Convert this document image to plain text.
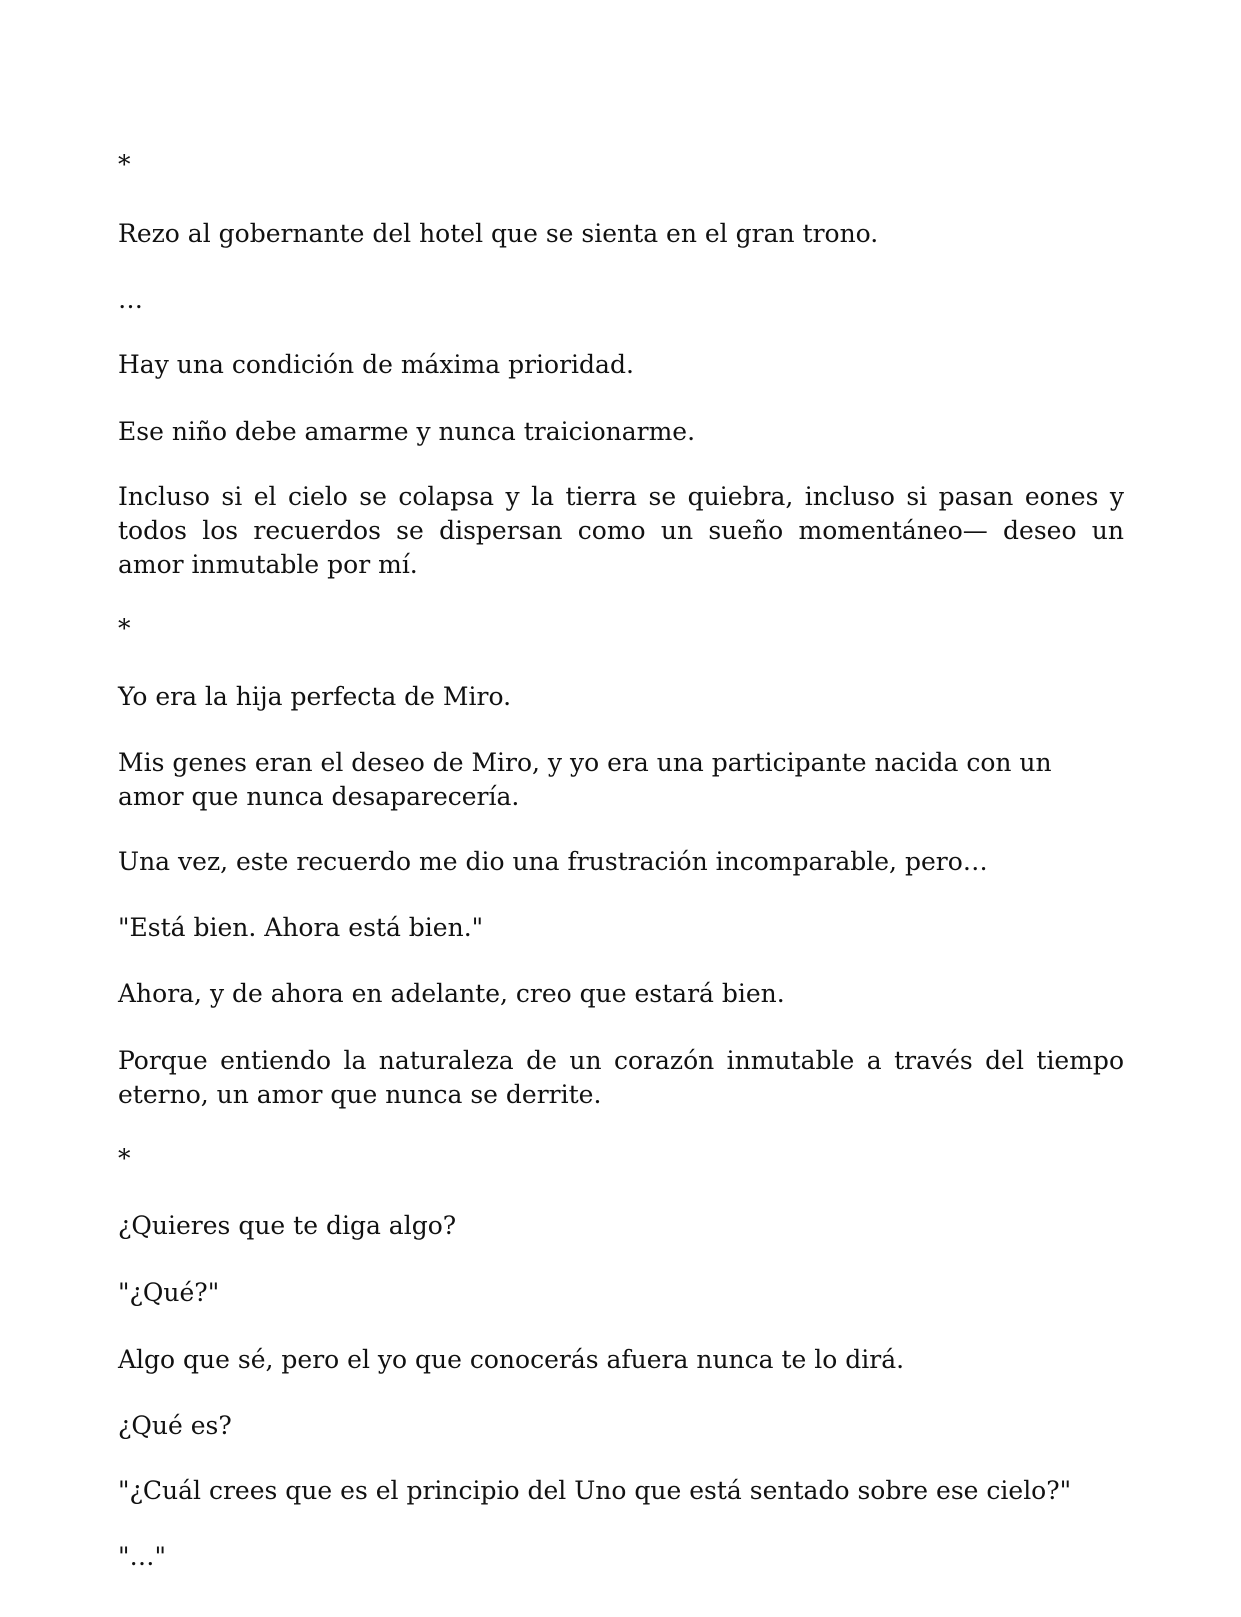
*

Rezo al gobernante del hotel que se sienta en el gran trono.

…

Hay una condición de máxima prioridad.

Ese niño debe amarme y nunca traicionarme.

Incluso si el cielo se colapsa y la tierra se quiebra, incluso si pasan eones y todos los recuerdos se dispersan como un sueño momentáneo— deseo un amor inmutable por mí.

*

Yo era la hija perfecta de Miro.

Mis genes eran el deseo de Miro, y yo era una participante nacida con un amor que nunca desaparecería.

Una vez, este recuerdo me dio una frustración incomparable, pero…

"Está bien. Ahora está bien."

Ahora, y de ahora en adelante, creo que estará bien.

Porque entiendo la naturaleza de un corazón inmutable a través del tiempo eterno, un amor que nunca se derrite.

*

¿Quieres que te diga algo?

"¿Qué?"

Algo que sé, pero el yo que conocerás afuera nunca te lo dirá.

¿Qué es?

"¿Cuál crees que es el principio del Uno que está sentado sobre ese cielo?"

"…"
